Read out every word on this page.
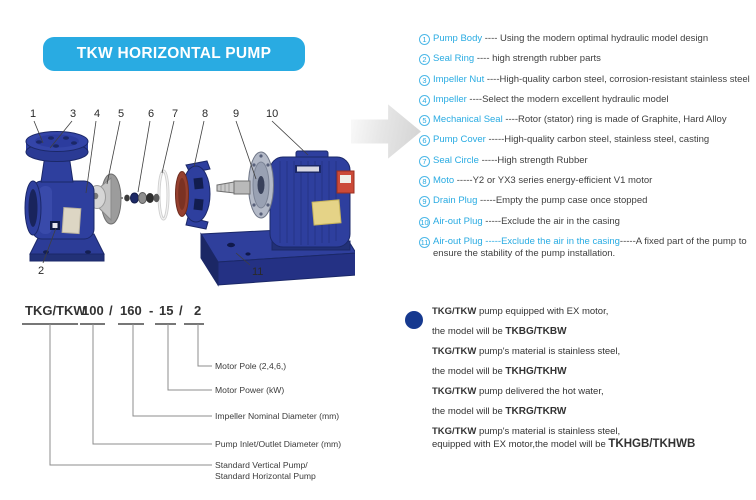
TKW HORIZONTAL PUMP
1	3 4 5 6 7 8 9 10
2	11
1 Pump Body ---- Using the modern optimal hydraulic model design
2 Seal Ring ---- high strength rubber parts
3 Impeller Nut ----High-quality carbon steel, corrosion-resistant stainless steel
4 Impeller ----Select the modern excellent hydraulic model
5 Mechanical Seal ----Rotor (stator) ring is made of Graphite, Hard Alloy
6 Pump Cover -----High-quality carbon steel, stainless steel, casting
7 Seal Circle -----High strength Rubber
8 Moto -----Y2 or YX3 series energy-efficient V1 motor
9 Drain Plug -----Empty the pump case once stopped
10 Air-out Plug -----Exclude the air in the casing
11 Air-out Plug -----Exclude the air in the casing-----A fixed part of the pump to ensure the stability of the pump installation.
TKG/TKW
100 / 160 - 15 / 2
Motor Pole (2,4,6,)
Motor Power (kW)
Impeller Nominal Diameter (mm)
Pump Inlet/Outlet Diameter (mm)
Standard Vertical Pump/
Standard Horizontal Pump

TKG/TKW pump equipped with EX motor,

the model will be TKBG/TKBW

TKG/TKW pump's material is stainless steel,

the model will be TKHG/TKHW

TKG/TKW pump delivered the hot water,

the model will be TKRG/TKRW

TKG/TKW pump's material is stainless steel,

equipped with EX motor,the model will be TKHGB/TKHWB
